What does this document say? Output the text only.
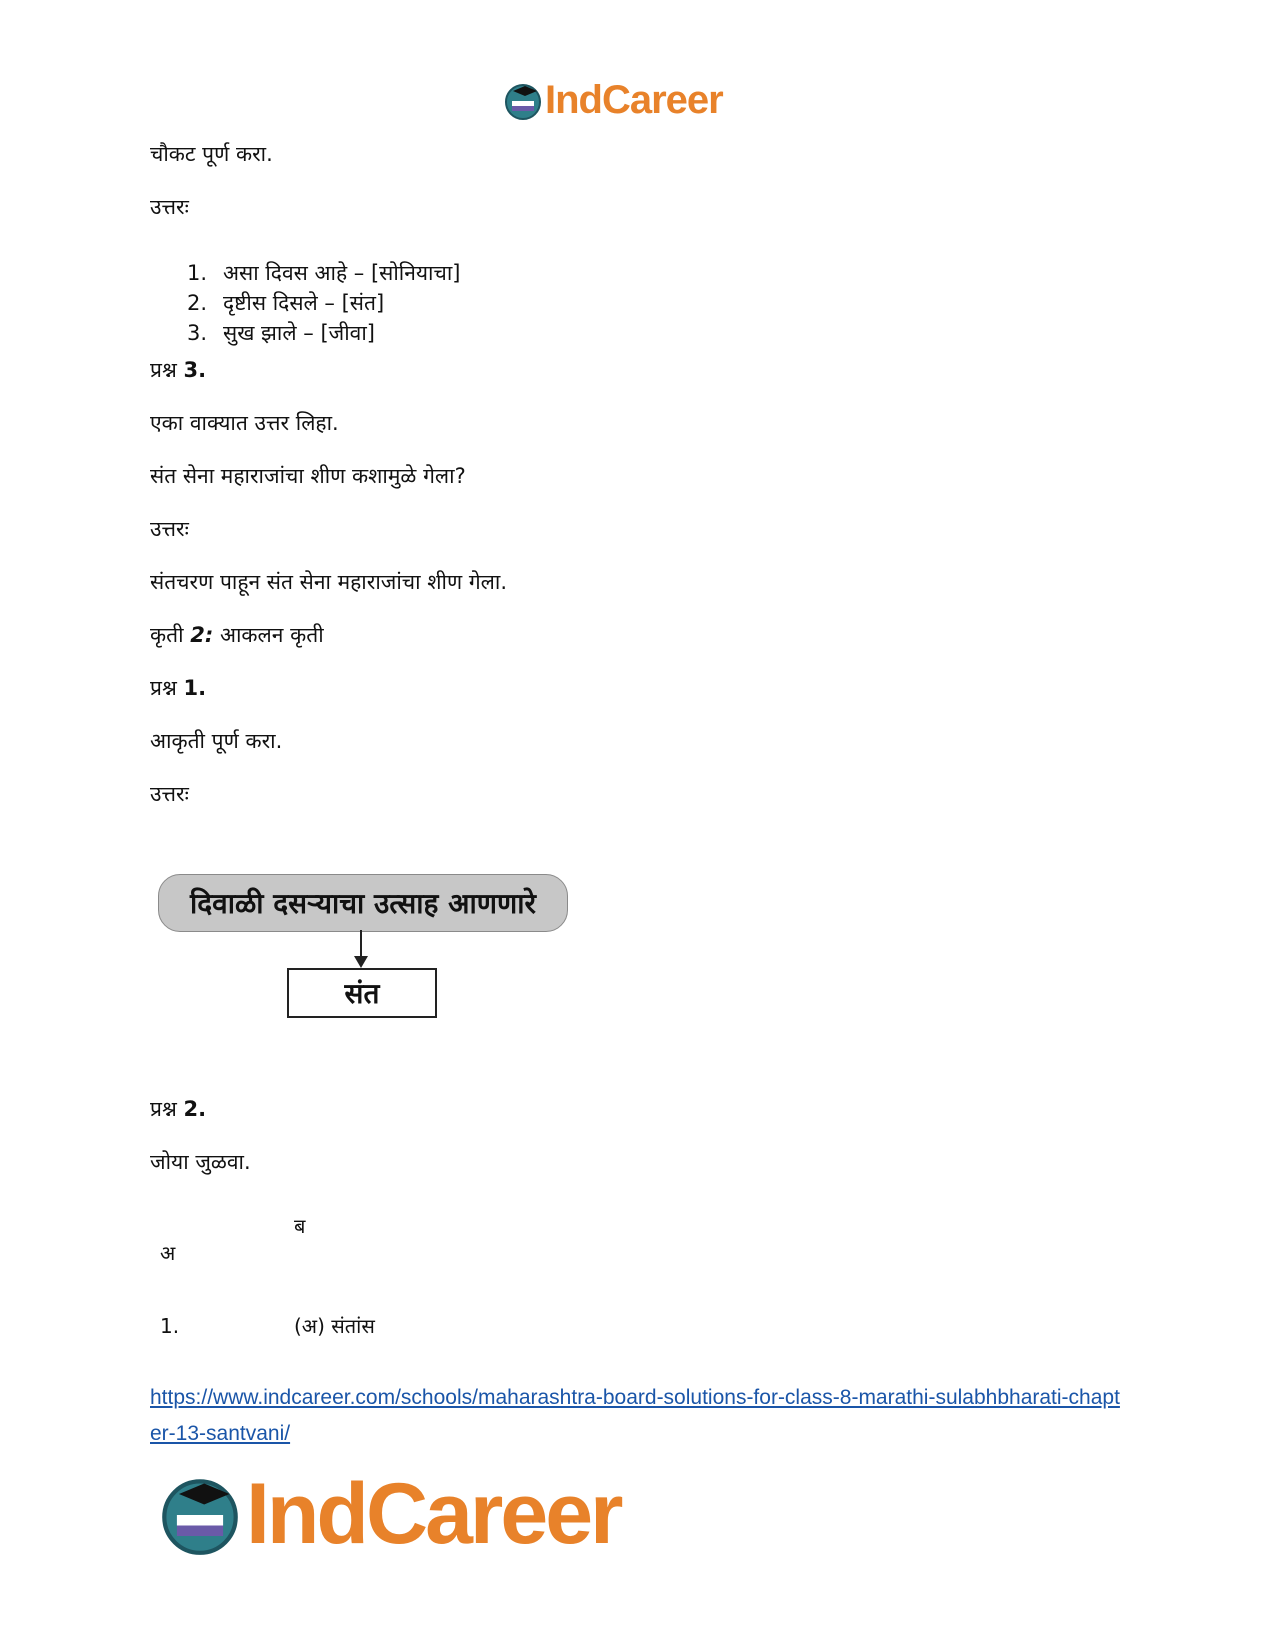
IndCareer
चौकट पूर्ण करा.
उत्तरः
1. असा दिवस आहे – [सोनियाचा]
2. दृष्टीस दिसले – [संत]
3. सुख झाले – [जीवा]
प्रश्न 3.
एका वाक्यात उत्तर लिहा.
संत सेना महाराजांचा शीण कशामुळे गेला?
उत्तरः
संतचरण पाहून संत सेना महाराजांचा शीण गेला.
कृती 2: आकलन कृती
प्रश्न 1.
आकृती पूर्ण करा.
उत्तरः
दिवाळी दसऱ्याचा उत्साह आणणारे
संत
प्रश्न 2.
जोया जुळवा.
अ
ब
1.	(अ) संतांस
https://www.indcareer.com/schools/maharashtra-board-solutions-for-class-8-marathi-sulabhbharati-chapter-13-santvani/
IndCareer
